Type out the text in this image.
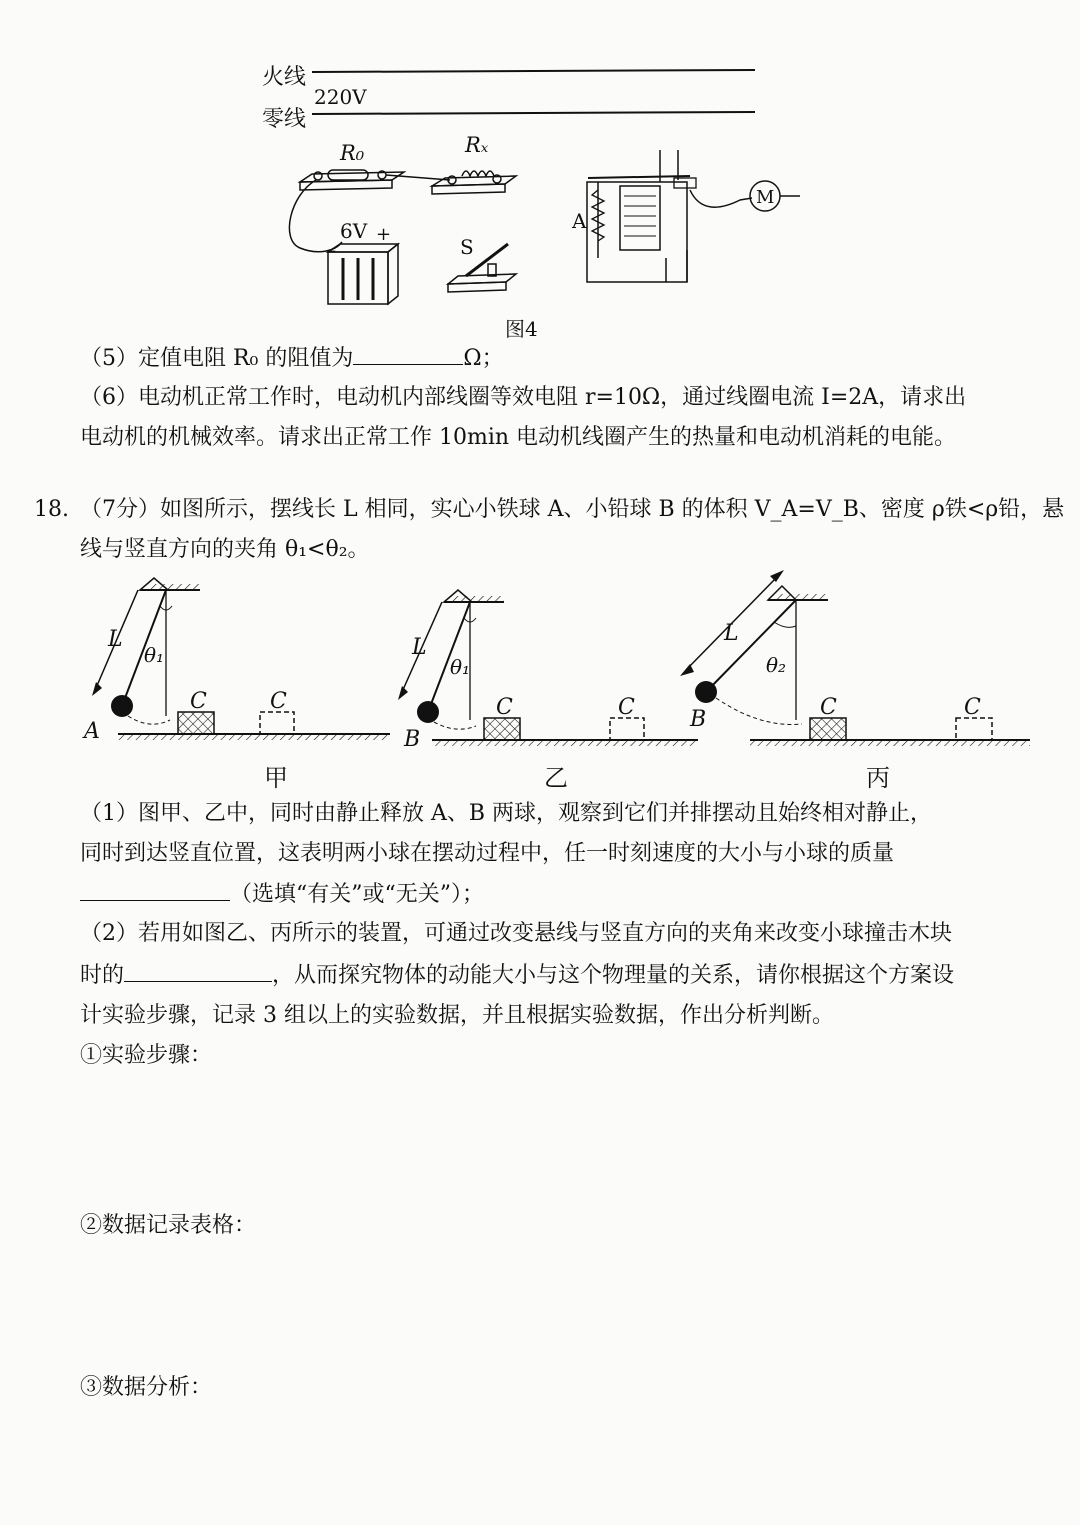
火线
220V
零线
R₀	Rₓ
6V
-
+
S
A
M
图4
（5）定值电阻 R₀ 的阻值为	Ω；
（6）电动机正常工作时，电动机内部线圈等效电阻 r=10Ω，通过线圈电流 I=2A，请求出
电动机的机械效率。请求出正常工作 10min 电动机线圈产生的热量和电动机消耗的电能。
18. （7分）如图所示，摆线长 L 相同，实心小铁球 A、小铅球 B 的体积 V_A=V_B、密度 ρ铁<ρ铅，悬
线与竖直方向的夹角 θ₁<θ₂。
L
θ₁
C	C
A
甲
L
θ₁
C	C
B
乙
L
θ₂
C	C
B
丙
（1）图甲、乙中，同时由静止释放 A、B 两球，观察到它们并排摆动且始终相对静止，
同时到达竖直位置，这表明两小球在摆动过程中，任一时刻速度的大小与小球的质量
（选填“有关”或“无关”）；
（2）若用如图乙、丙所示的装置，可通过改变悬线与竖直方向的夹角来改变小球撞击木块
时的	，从而探究物体的动能大小与这个物理量的关系，请你根据这个方案设
计实验步骤，记录 3 组以上的实验数据，并且根据实验数据，作出分析判断。
①实验步骤：
②数据记录表格：
③数据分析：
